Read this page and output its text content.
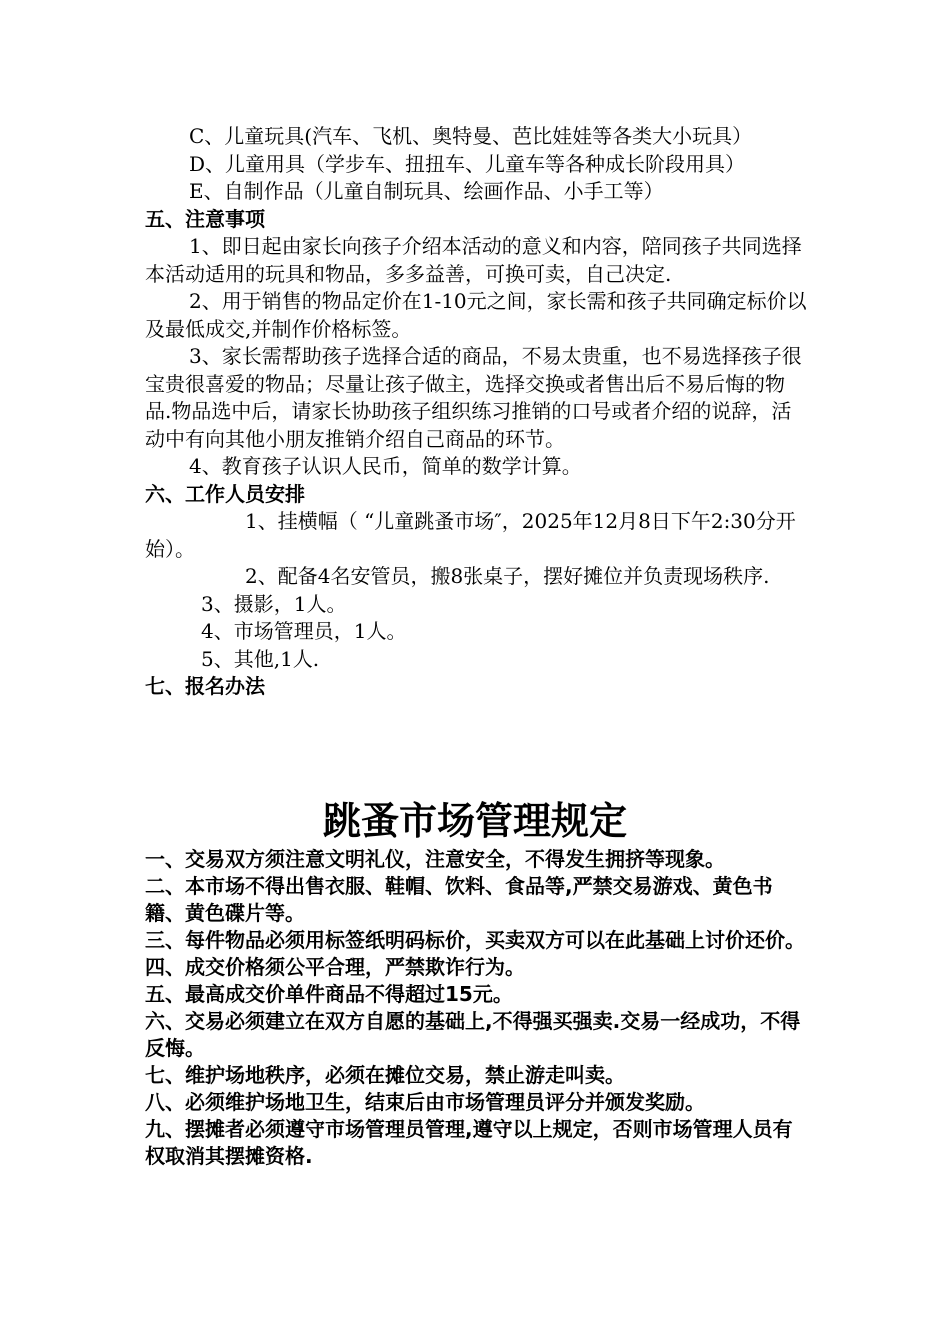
C、儿童玩具(汽车、飞机、奥特曼、芭比娃娃等各类大小玩具）

D、儿童用具（学步车、扭扭车、儿童车等各种成长阶段用具）

E、自制作品（儿童自制玩具、绘画作品、小手工等）

五、注意事项

1、即日起由家长向孩子介绍本活动的意义和内容，陪同孩子共同选择本活动适用的玩具和物品，多多益善，可换可卖，自己决定.

2、用于销售的物品定价在1-10元之间，家长需和孩子共同确定标价以及最低成交,并制作价格标签。

3、家长需帮助孩子选择合适的商品，不易太贵重，也不易选择孩子很宝贵很喜爱的物品；尽量让孩子做主，选择交换或者售出后不易后悔的物品.物品选中后，请家长协助孩子组织练习推销的口号或者介绍的说辞，活动中有向其他小朋友推销介绍自己商品的环节。

4、教育孩子认识人民币，简单的数学计算。

六、工作人员安排

1、挂横幅（ “儿童跳蚤市场″，2025年12月8日下午2:30分开始）。

2、配备4名安管员，搬8张桌子，摆好摊位并负责现场秩序.

3、摄影，1人。

4、市场管理员，1人。

5、其他,1人.

七、报名办法

跳蚤市场管理规定

一、交易双方须注意文明礼仪，注意安全，不得发生拥挤等现象。

二、本市场不得出售衣服、鞋帽、饮料、食品等,严禁交易游戏、黄色书籍、黄色碟片等。

三、每件物品必须用标签纸明码标价，买卖双方可以在此基础上讨价还价。

四、成交价格须公平合理，严禁欺诈行为。

五、最高成交价单件商品不得超过15元。

六、交易必须建立在双方自愿的基础上,不得强买强卖.交易一经成功，不得反悔。

七、维护场地秩序，必须在摊位交易，禁止游走叫卖。

八、必须维护场地卫生，结束后由市场管理员评分并颁发奖励。

九、摆摊者必须遵守市场管理员管理,遵守以上规定，否则市场管理人员有权取消其摆摊资格.
